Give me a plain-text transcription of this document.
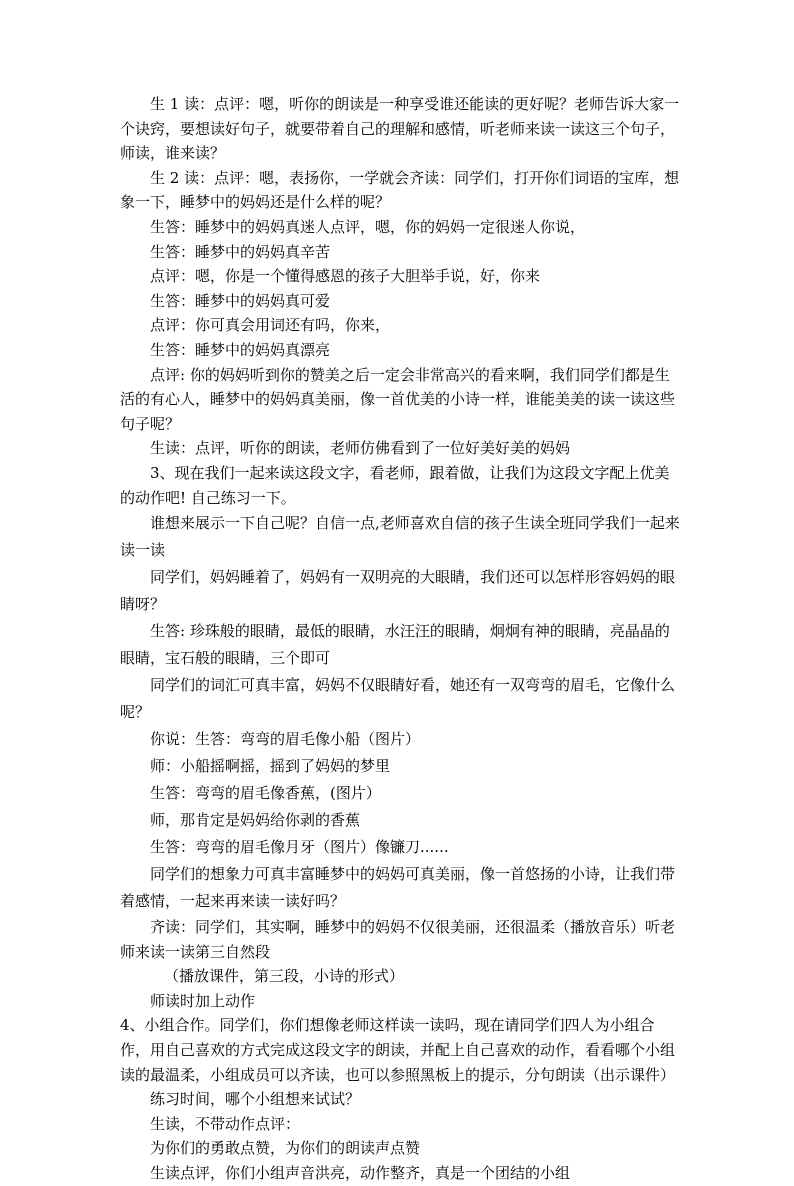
生 1 读：点评：嗯，听你的朗读是一种享受谁还能读的更好呢？老师告诉大家一个诀窍，要想读好句子，就要带着自己的理解和感情，听老师来读一读这三个句子，师读，谁来读？

生 2 读：点评：嗯，表扬你，一学就会齐读：同学们，打开你们词语的宝库，想象一下，睡梦中的妈妈还是什么样的呢？

生答：睡梦中的妈妈真迷人点评，嗯，你的妈妈一定很迷人你说，

生答：睡梦中的妈妈真辛苦

点评：嗯，你是一个懂得感恩的孩子大胆举手说，好，你来

生答：睡梦中的妈妈真可爱

点评：你可真会用词还有吗，你来，

生答：睡梦中的妈妈真漂亮

点评: 你的妈妈听到你的赞美之后一定会非常高兴的看来啊，我们同学们都是生活的有心人，睡梦中的妈妈真美丽，像一首优美的小诗一样，谁能美美的读一读这些句子呢？

生读：点评，听你的朗读，老师仿佛看到了一位好美好美的妈妈

3、现在我们一起来读这段文字，看老师，跟着做，让我们为这段文字配上优美的动作吧! 自己练习一下。

谁想来展示一下自己呢？自信一点,老师喜欢自信的孩子生读全班同学我们一起来读一读

同学们，妈妈睡着了，妈妈有一双明亮的大眼睛，我们还可以怎样形容妈妈的眼睛呀？

生答: 珍珠般的眼睛，最低的眼睛，水汪汪的眼睛，炯炯有神的眼睛，亮晶晶的眼睛，宝石般的眼睛，三个即可

同学们的词汇可真丰富，妈妈不仅眼睛好看，她还有一双弯弯的眉毛，它像什么呢？

你说：生答：弯弯的眉毛像小船（图片）

师：小船摇啊摇，摇到了妈妈的梦里

生答：弯弯的眉毛像香蕉，(图片）

师，那肯定是妈妈给你剥的香蕉

生答：弯弯的眉毛像月牙（图片）像镰刀......

同学们的想象力可真丰富睡梦中的妈妈可真美丽，像一首悠扬的小诗，让我们带着感情，一起来再来读一读好吗？

齐读：同学们，其实啊，睡梦中的妈妈不仅很美丽，还很温柔（播放音乐）听老师来读一读第三自然段

（播放课件，第三段，小诗的形式）

师读时加上动作

4、小组合作。同学们，你们想像老师这样读一读吗，现在请同学们四人为小组合作，用自己喜欢的方式完成这段文字的朗读，并配上自己喜欢的动作，看看哪个小组读的最温柔，小组成员可以齐读，也可以参照黑板上的提示，分句朗读（出示课件）

练习时间，哪个小组想来试试？

生读，不带动作点评：

为你们的勇敢点赞，为你们的朗读声点赞

生读点评，你们小组声音洪亮，动作整齐，真是一个团结的小组
